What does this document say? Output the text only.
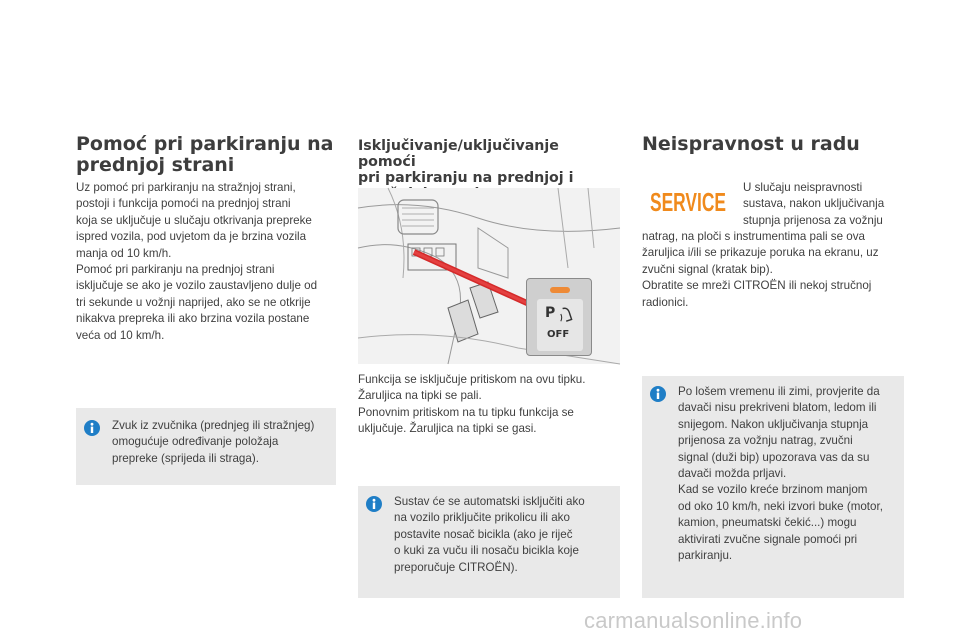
Pomoć pri parkiranju na
prednjoj strani
Uz pomoć pri parkiranju na stražnjoj strani,
postoji i funkcija pomoći na prednjoj strani
koja se uključuje u slučaju otkrivanja prepreke
ispred vozila, pod uvjetom da je brzina vozila
manja od 10 km/h.
Pomoć pri parkiranju na prednjoj strani
isključuje se ako je vozilo zaustavljeno dulje od
tri sekunde u vožnji naprijed, ako se ne otkrije
nikakva prepreka ili ako brzina vozila postane
veća od 10 km/h.
Zvuk iz zvučnika (prednjeg ili stražnjeg)
omogućuje određivanje položaja
prepreke (sprijeda ili straga).
Isključivanje/uključivanje pomoći
pri parkiranju na prednjoj i
P
OFF
Funkcija se isključuje pritiskom na ovu tipku.
Žaruljica na tipki se pali.
Ponovnim pritiskom na tu tipku funkcija se
uključuje. Žaruljica na tipki se gasi.
Sustav će se automatski isključiti ako
na vozilo priključite prikolicu ili ako
postavite nosač bicikla (ako je riječ
o kuki za vuču ili nosaču bicikla koje
preporučuje CITROËN).
Neispravnost u radu
SERVICE U slučaju neispravnosti
sustava, nakon uključivanja
stupnja prijenosa za vožnju
natrag, na ploči s instrumentima pali se ova
žaruljica i/ili se prikazuje poruka na ekranu, uz
zvučni signal (kratak bip).
Obratite se mreži CITROËN ili nekoj stručnoj
radionici.
Po lošem vremenu ili zimi, provjerite da
davači nisu prekriveni blatom, ledom ili
snijegom. Nakon uključivanja stupnja
prijenosa za vožnju natrag, zvučni
signal (duži bip) upozorava vas da su
davači možda prljavi.
Kad se vozilo kreće brzinom manjom
od oko 10 km/h, neki izvori buke (motor,
kamion, pneumatski čekić...) mogu
aktivirati zvučne signale pomoći pri
parkiranju.
carmanualsonline.info
